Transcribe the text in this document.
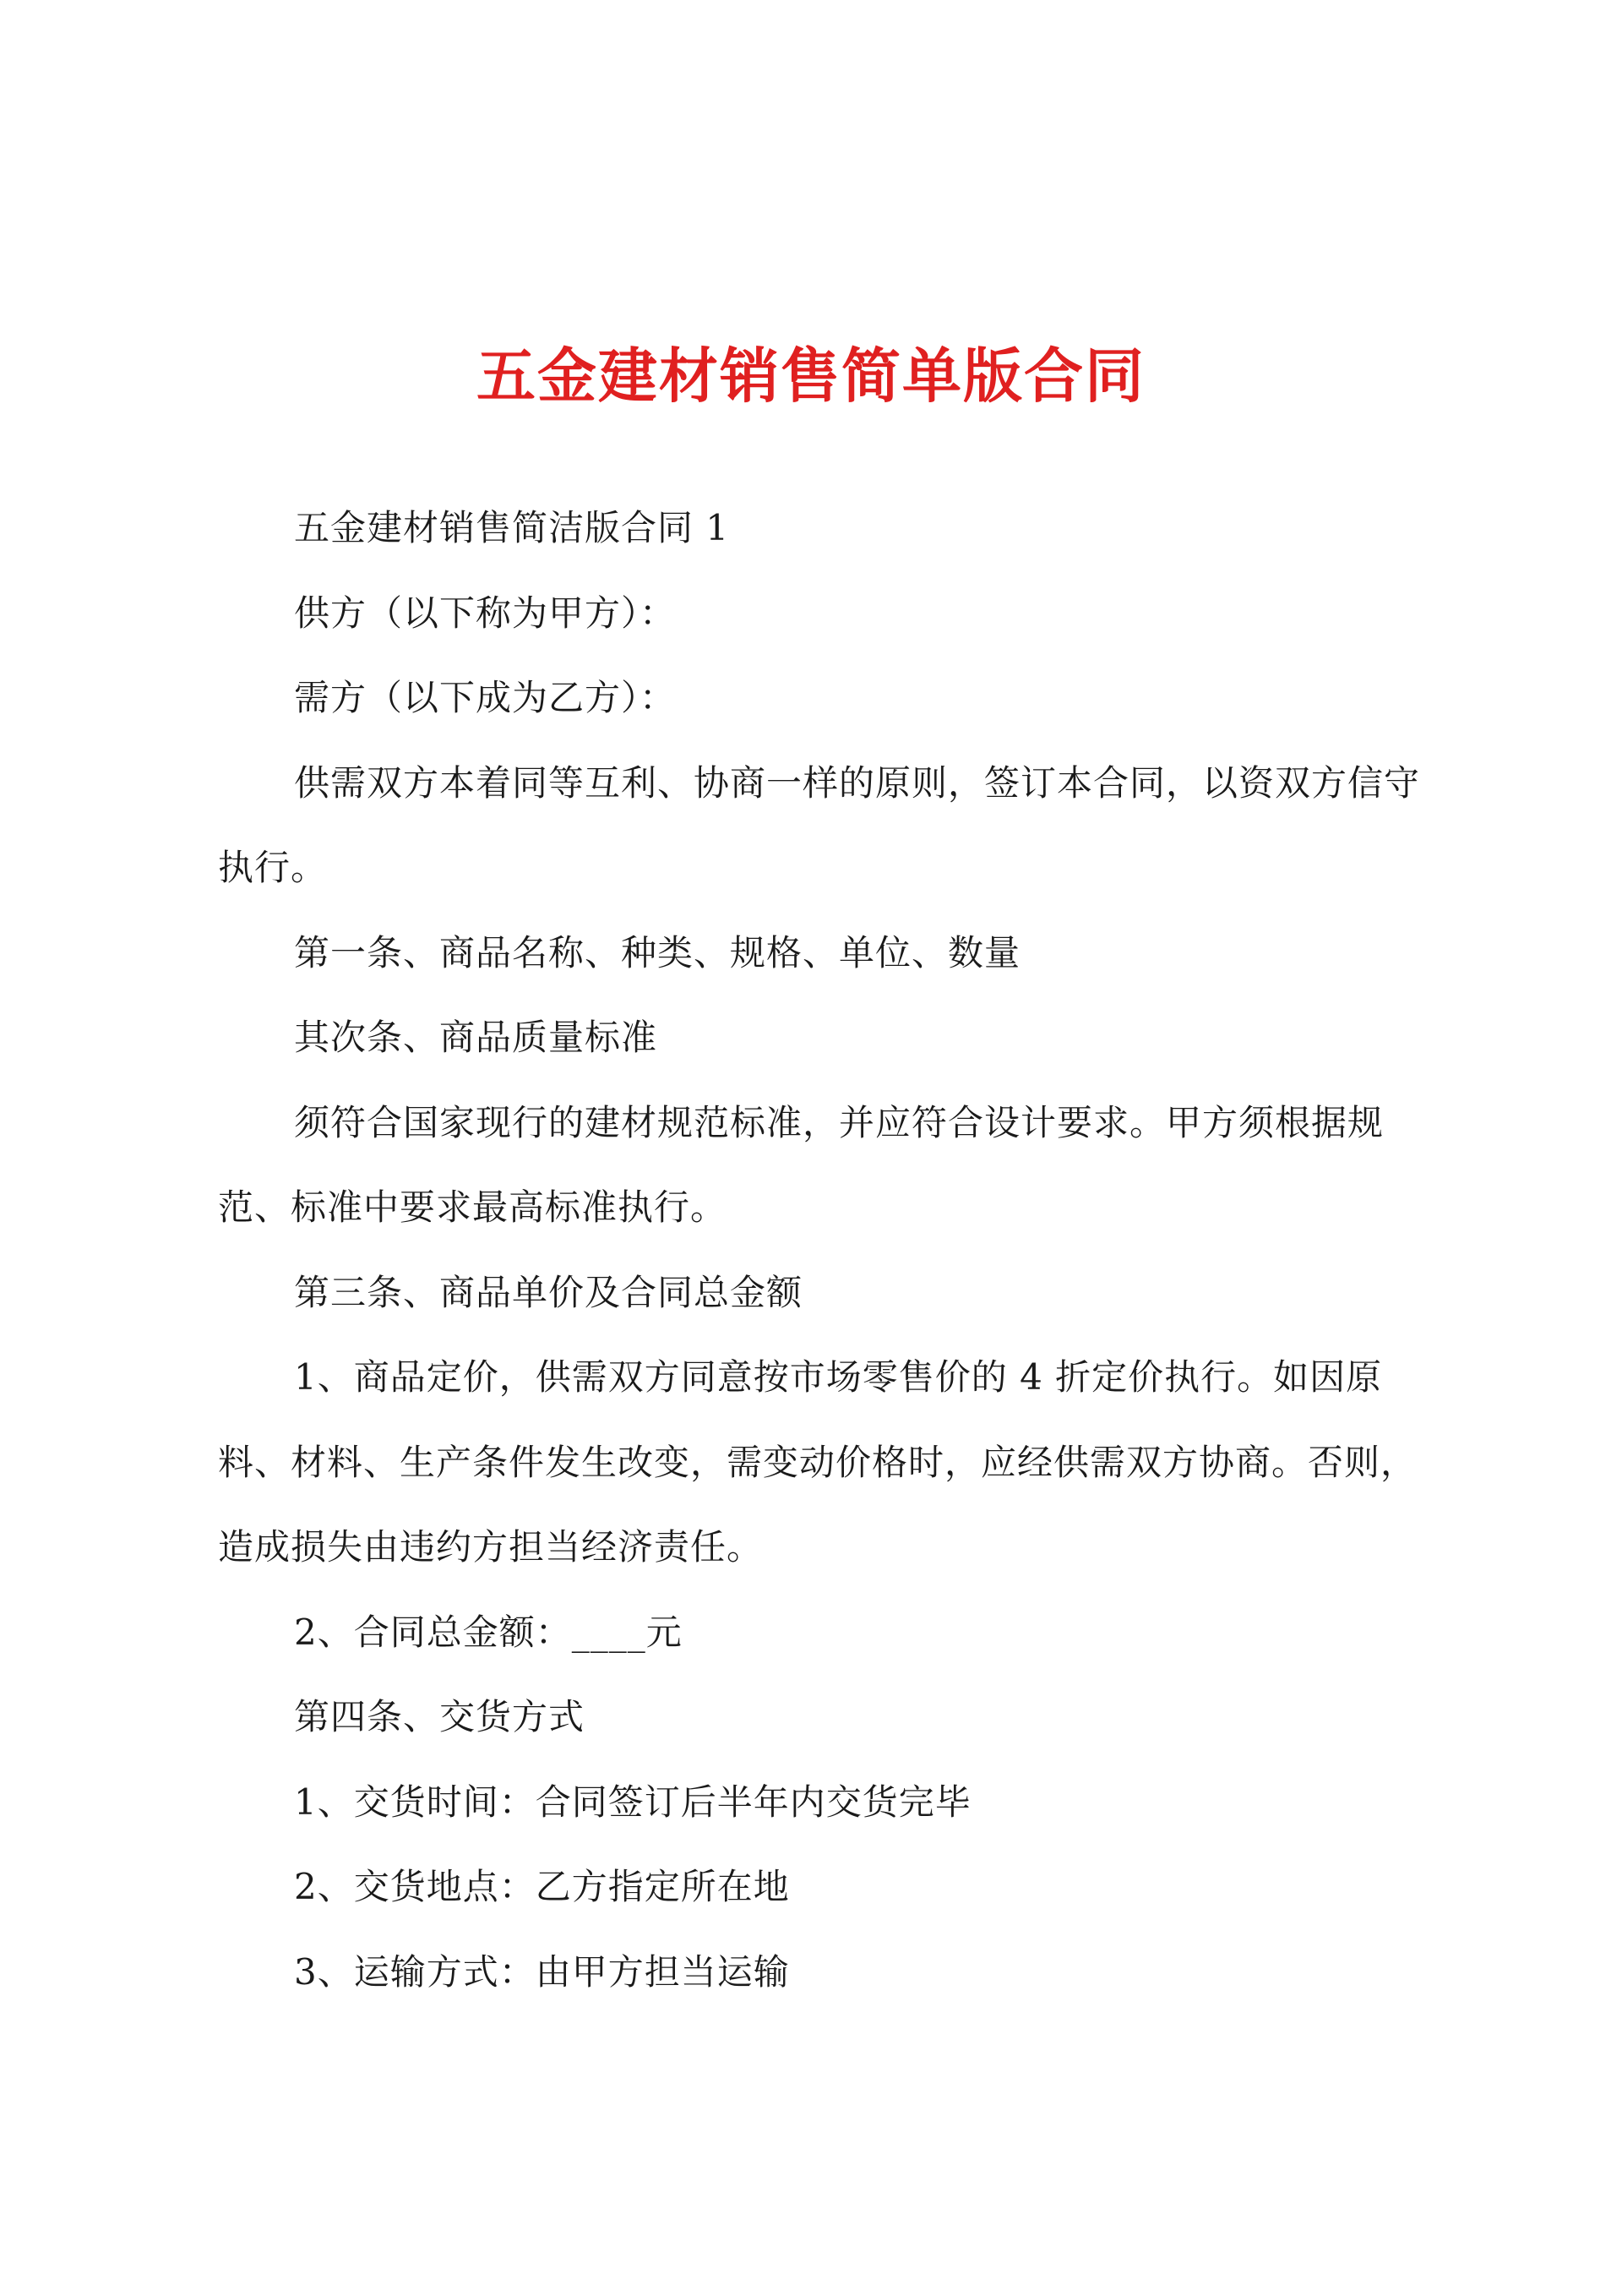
五金建材销售简单版合同

五金建材销售简洁版合同 1

供方（以下称为甲方）：

需方（以下成为乙方）：

供需双方本着同等互利、协商一样的原则，签订本合同，以资双方信守执行。

第一条、商品名称、种类、规格、单位、数量

其次条、商品质量标准

须符合国家现行的建材规范标准，并应符合设计要求。甲方须根据规范、标准中要求最高标准执行。

第三条、商品单价及合同总金额

1、商品定价，供需双方同意按市场零售价的 4 折定价执行。如因原料、材料、生产条件发生改变，需变动价格时，应经供需双方协商。否则，造成损失由违约方担当经济责任。

2、合同总金额：____元

第四条、交货方式

1、交货时间：合同签订后半年内交货完毕

2、交货地点：乙方指定所在地

3、运输方式：由甲方担当运输
